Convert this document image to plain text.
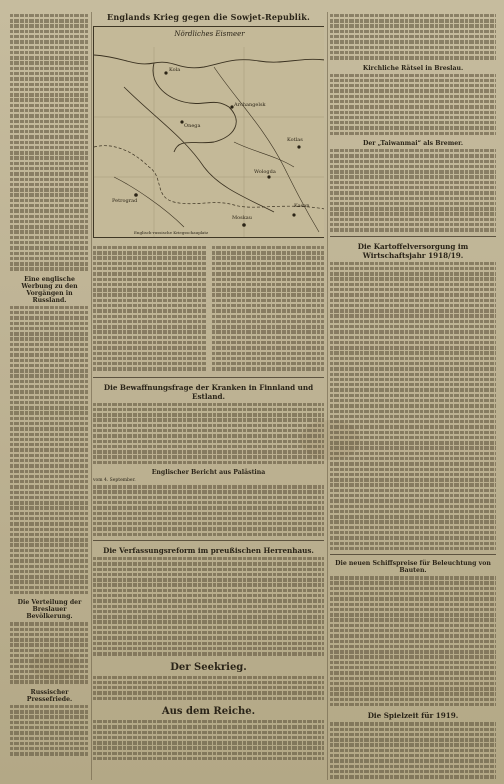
Eine englische Werbung zu den Vorgängen in Russland.
Die Verteilung der Breslauer Bevölkerung.
Russischer Pressefriede.
Englands Krieg gegen die Sowjet-Republik.
Nördliches Eismeer
Kola
Archangelsk
Onega
Petrograd
Kasan
Moskau
Wologda
Kotlas
Englisch-russische Kriegsschauplatz
Die Bewaffnungsfrage der Kranken in Finnland und Estland.
Englischer Bericht aus Palästina
vom 4. September.
Die Verfassungsreform im preußischen Herrenhaus.
Der Seekrieg.
Aus dem Reiche.
Kirchliche Rätsel in Breslau.
Der „Taiwanmai“ als Bremer.
Die Kartoffelversorgung im Wirtschaftsjahr 1918/19.
Die neuen Schiffspreise für Beleuchtung von Bauten.
Die Spielzeit für 1919.
